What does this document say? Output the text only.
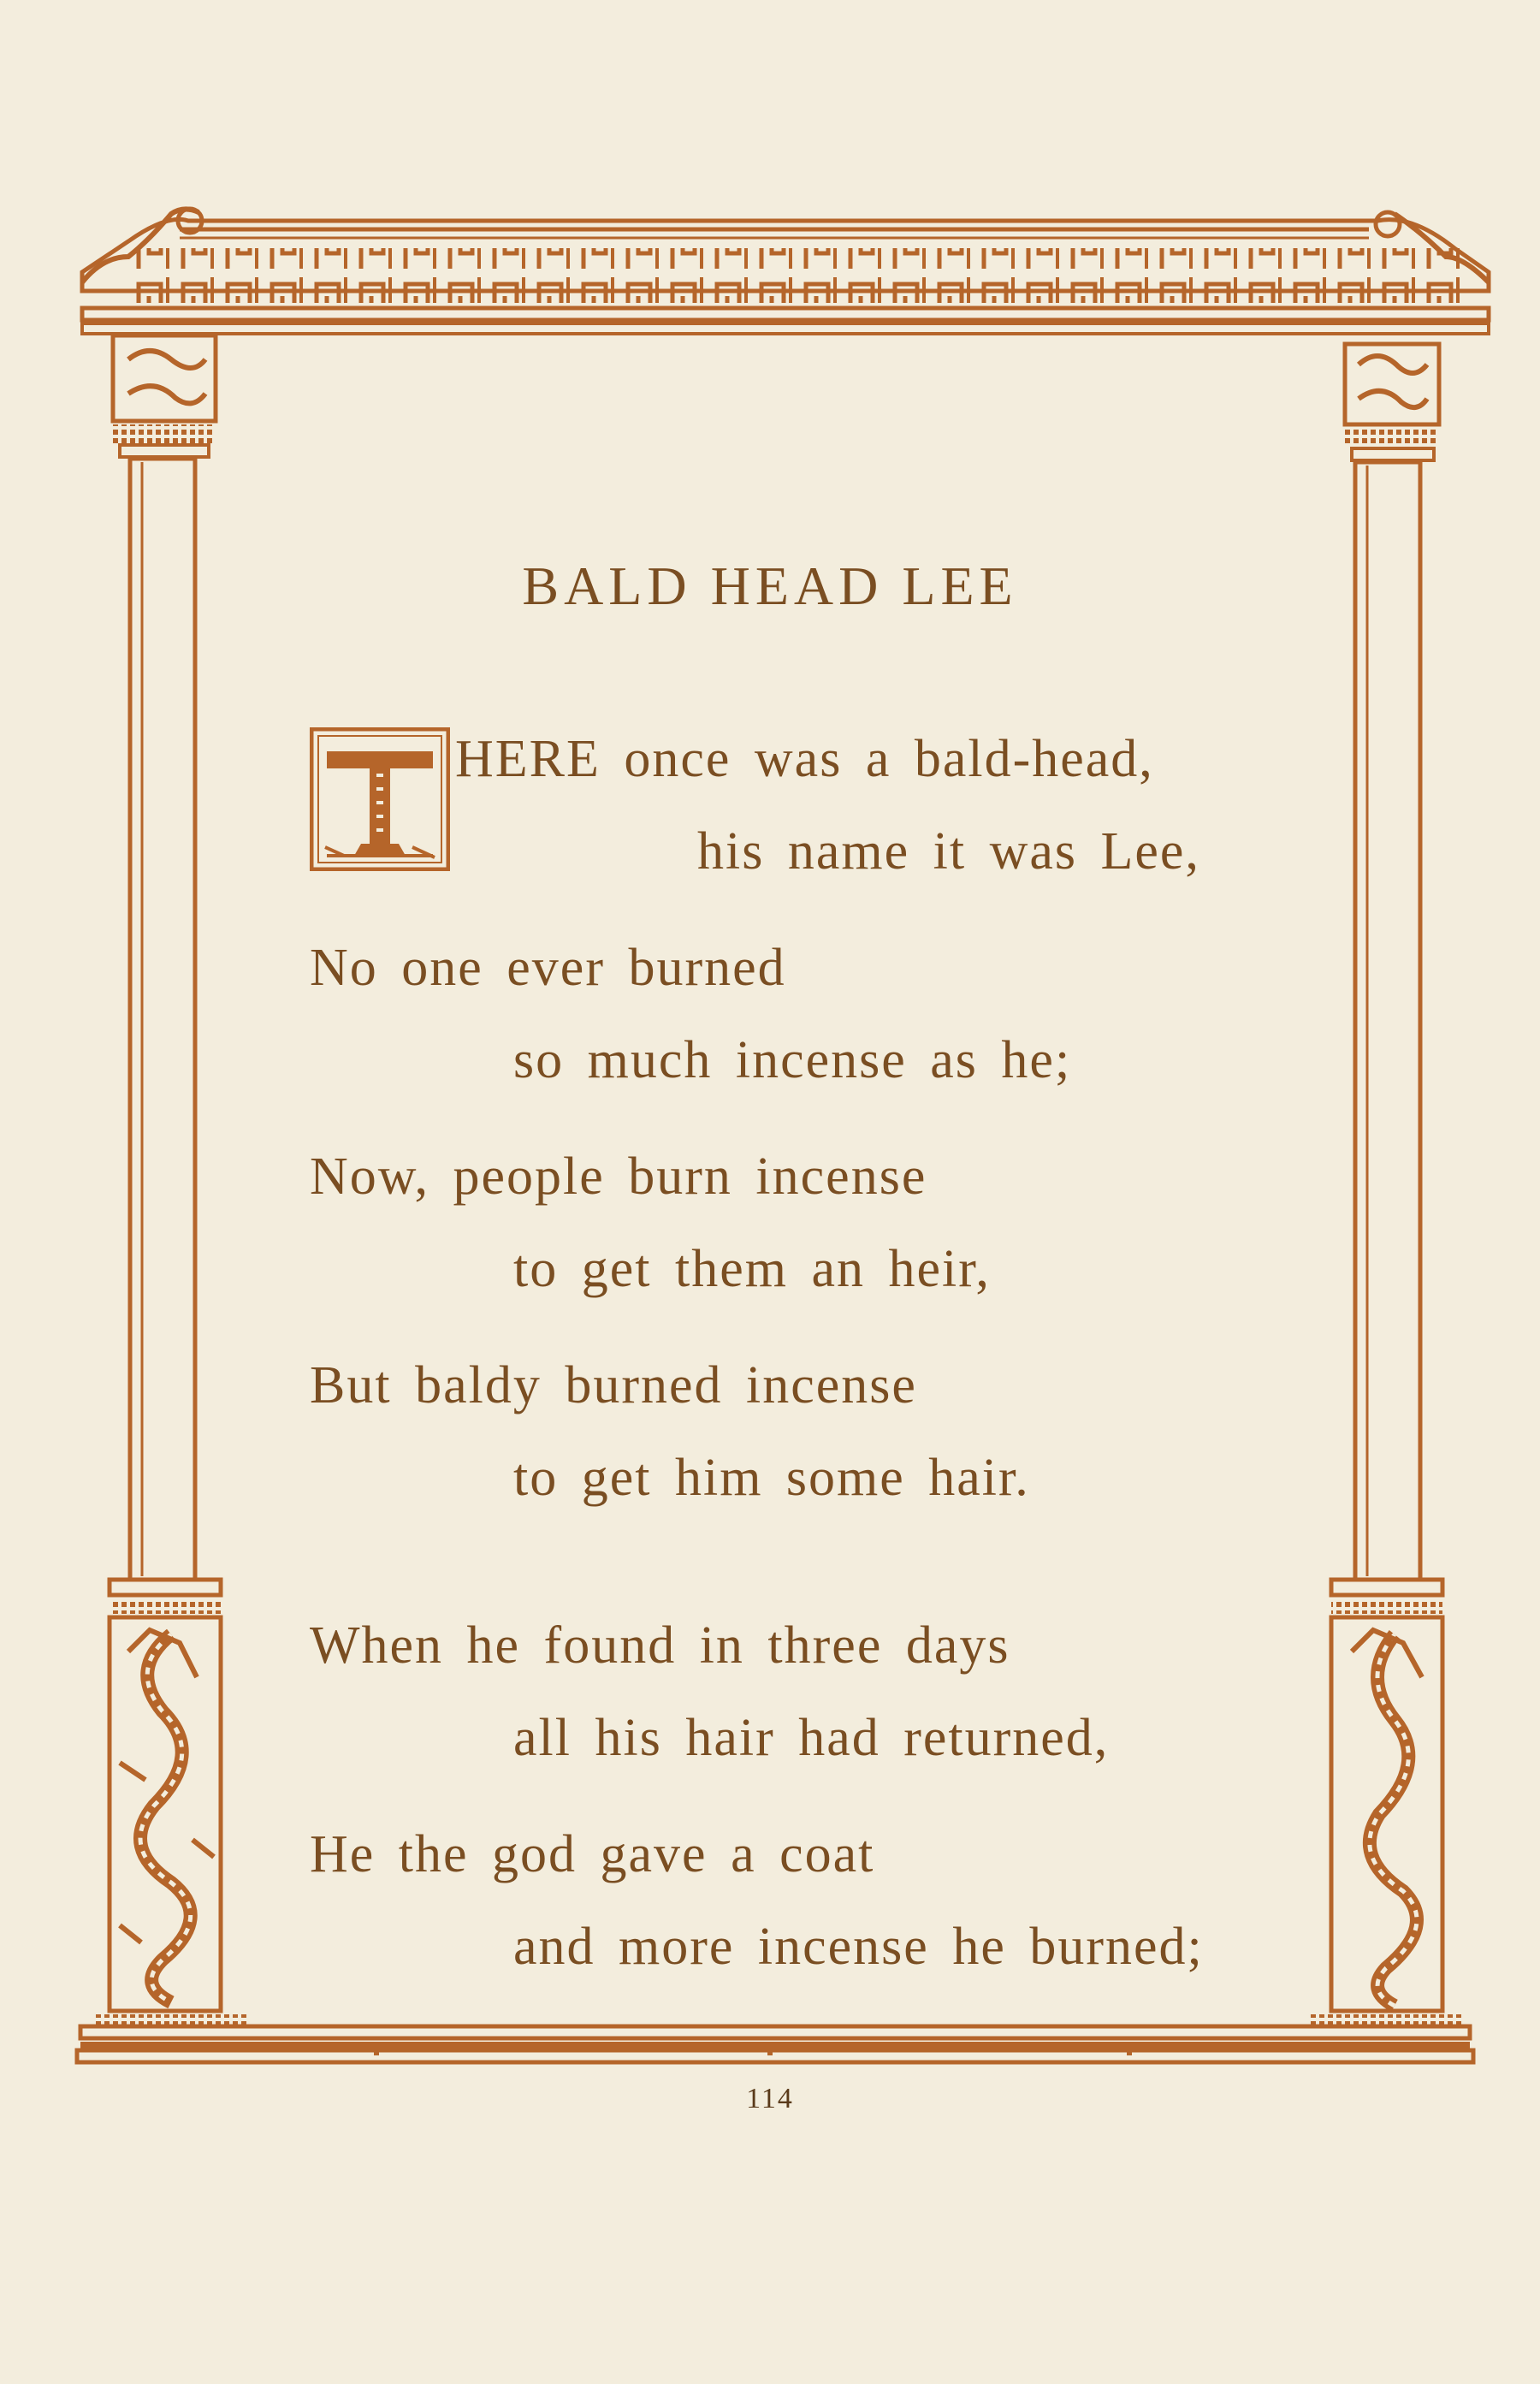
BALD HEAD LEE
HERE once was a bald-head,
his name it was Lee,
No one ever burned
so much incense as he;
Now, people burn incense
to get them an heir,
But baldy burned incense
to get him some hair.
When he found in three days
all his hair had returned,
He the god gave a coat
and more incense he burned;
114
